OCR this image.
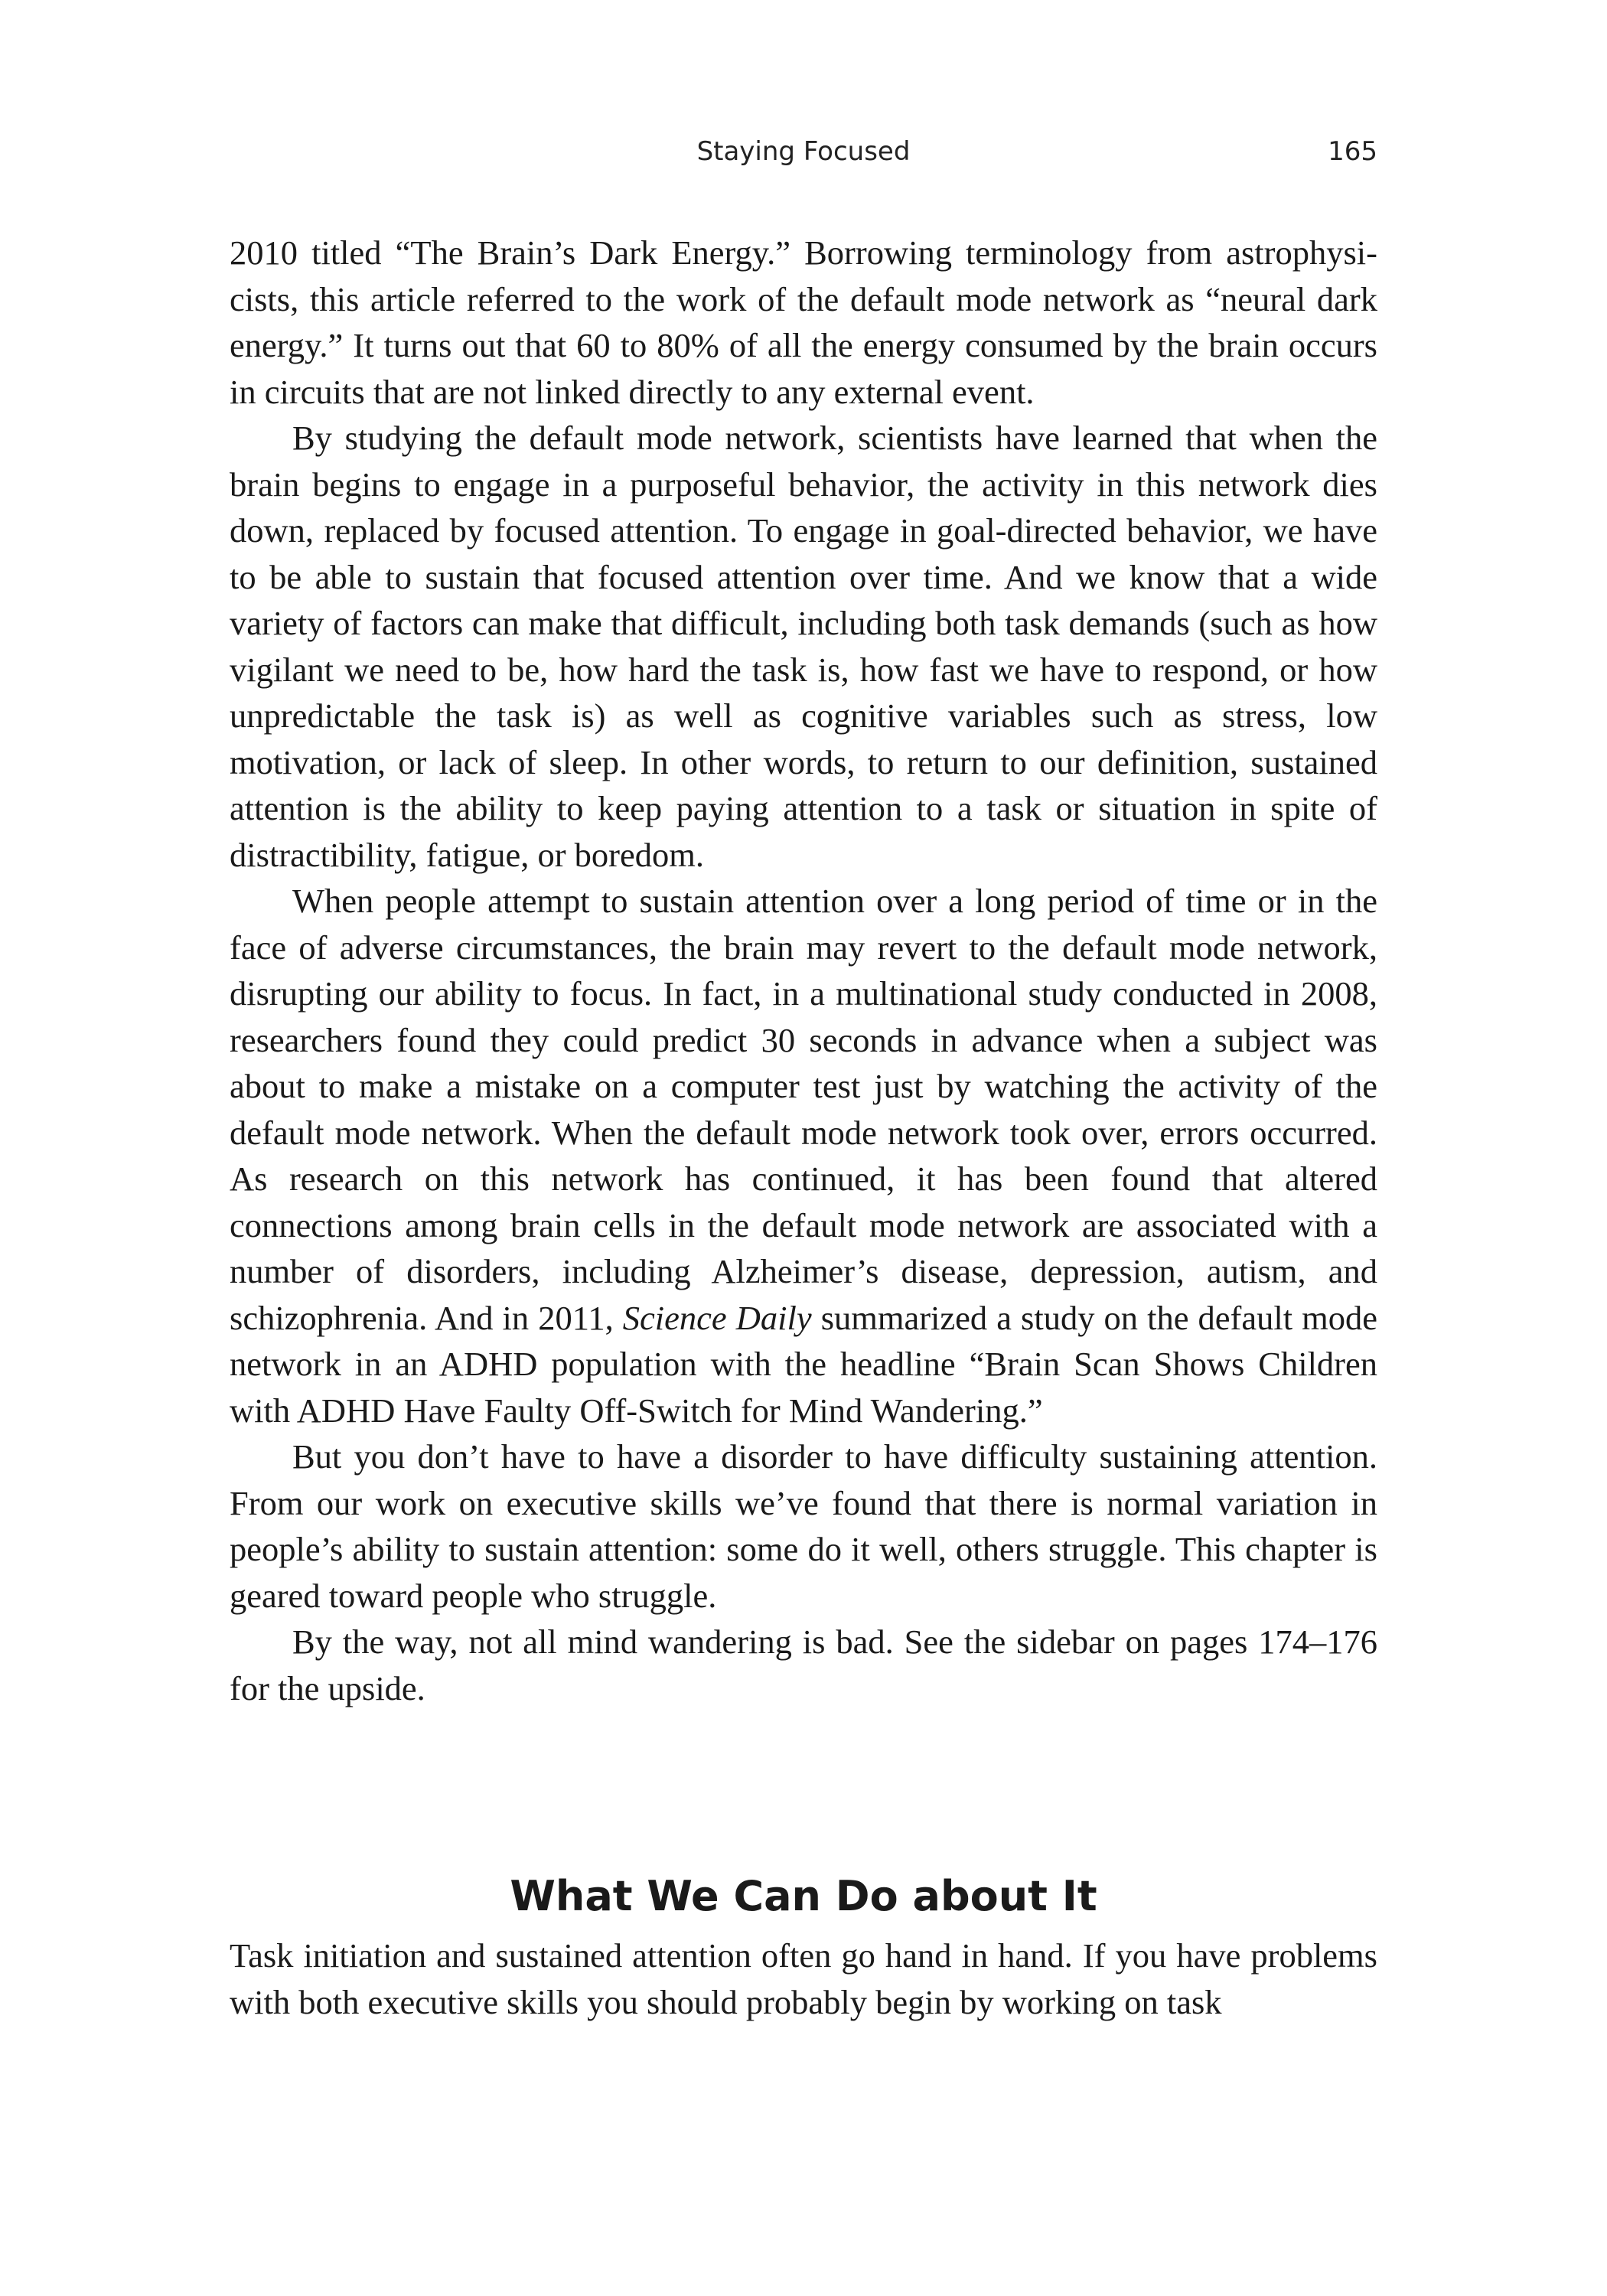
Staying Focused	165

2010 titled “The Brain’s Dark Energy.” Borrowing terminology from astrophysicists, this article referred to the work of the default mode network as “neural dark energy.” It turns out that 60 to 80% of all the energy consumed by the brain occurs in circuits that are not linked directly to any external event.

By studying the default mode network, scientists have learned that when the brain begins to engage in a purposeful behavior, the activity in this network dies down, replaced by focused attention. To engage in goal-directed behavior, we have to be able to sustain that focused attention over time. And we know that a wide variety of factors can make that difficult, including both task demands (such as how vigilant we need to be, how hard the task is, how fast we have to respond, or how unpredictable the task is) as well as cognitive variables such as stress, low motivation, or lack of sleep. In other words, to return to our definition, sustained attention is the ability to keep paying attention to a task or situation in spite of distractibility, fatigue, or boredom.

When people attempt to sustain attention over a long period of time or in the face of adverse circumstances, the brain may revert to the default mode network, disrupting our ability to focus. In fact, in a multinational study conducted in 2008, researchers found they could predict 30 seconds in advance when a subject was about to make a mistake on a computer test just by watching the activity of the default mode network. When the default mode network took over, errors occurred. As research on this network has continued, it has been found that altered connections among brain cells in the default mode network are associated with a number of disorders, including Alzheimer’s disease, depression, autism, and schizophrenia. And in 2011, Science Daily summarized a study on the default mode network in an ADHD population with the headline “Brain Scan Shows Children with ADHD Have Faulty Off-Switch for Mind Wandering.”

But you don’t have to have a disorder to have difficulty sustaining attention. From our work on executive skills we’ve found that there is normal variation in people’s ability to sustain attention: some do it well, others struggle. This chapter is geared toward people who struggle.

By the way, not all mind wandering is bad. See the sidebar on pages 174–176 for the upside.

What We Can Do about It

Task initiation and sustained attention often go hand in hand. If you have problems with both executive skills you should probably begin by working on task
